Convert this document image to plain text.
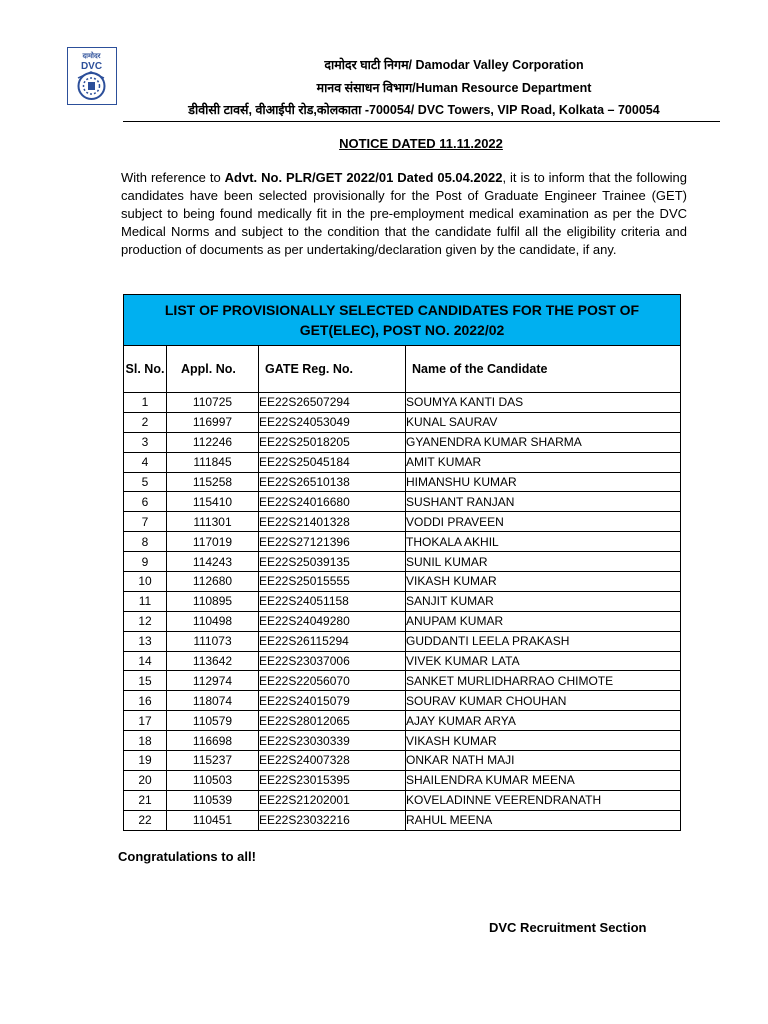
दामोदर
DVC	दामोदर घाटी निगम/ Damodar Valley Corporation
मानव संसाधन विभाग/Human Resource Department
डीवीसी टावर्स, वीआईपी रोड,कोलकाता -700054/ DVC Towers, VIP Road, Kolkata – 700054
NOTICE DATED 11.11.2022
With reference to Advt. No. PLR/GET 2022/01 Dated 05.04.2022, it is to inform that the following candidates have been selected provisionally for the Post of Graduate Engineer Trainee (GET) subject to being found medically fit in the pre-employment medical examination as per the DVC Medical Norms and subject to the condition that the candidate fulfil all the eligibility criteria and production of documents as per undertaking/declaration given by the candidate, if any.
LIST OF PROVISIONALLY SELECTED CANDIDATES FOR THE POST OF
GET(ELEC), POST NO. 2022/02			

Sl. No.	Appl. No.	GATE Reg. No.	Name of the Candidate
1	110725	EE22S26507294	SOUMYA KANTI DAS
2	116997	EE22S24053049	KUNAL SAURAV
3	112246	EE22S25018205	GYANENDRA KUMAR SHARMA
4	111845	EE22S25045184	AMIT KUMAR
5	115258	EE22S26510138	HIMANSHU KUMAR
6	115410	EE22S24016680	SUSHANT RANJAN
7	111301	EE22S21401328	VODDI PRAVEEN
8	117019	EE22S27121396	THOKALA AKHIL
9	114243	EE22S25039135	SUNIL KUMAR
10	112680	EE22S25015555	VIKASH KUMAR
11	110895	EE22S24051158	SANJIT KUMAR
12	110498	EE22S24049280	ANUPAM KUMAR
13	111073	EE22S26115294	GUDDANTI LEELA PRAKASH
14	113642	EE22S23037006	VIVEK KUMAR LATA
15	112974	EE22S22056070	SANKET MURLIDHARRAO CHIMOTE
16	118074	EE22S24015079	SOURAV KUMAR CHOUHAN
17	110579	EE22S28012065	AJAY KUMAR ARYA
18	116698	EE22S23030339	VIKASH KUMAR
19	115237	EE22S24007328	ONKAR NATH MAJI
20	110503	EE22S23015395	SHAILENDRA KUMAR MEENA
21	110539	EE22S21202001	KOVELADINNE VEERENDRANATH
22	110451	EE22S23032216	RAHUL MEENA
Congratulations to all!
DVC Recruitment Section
